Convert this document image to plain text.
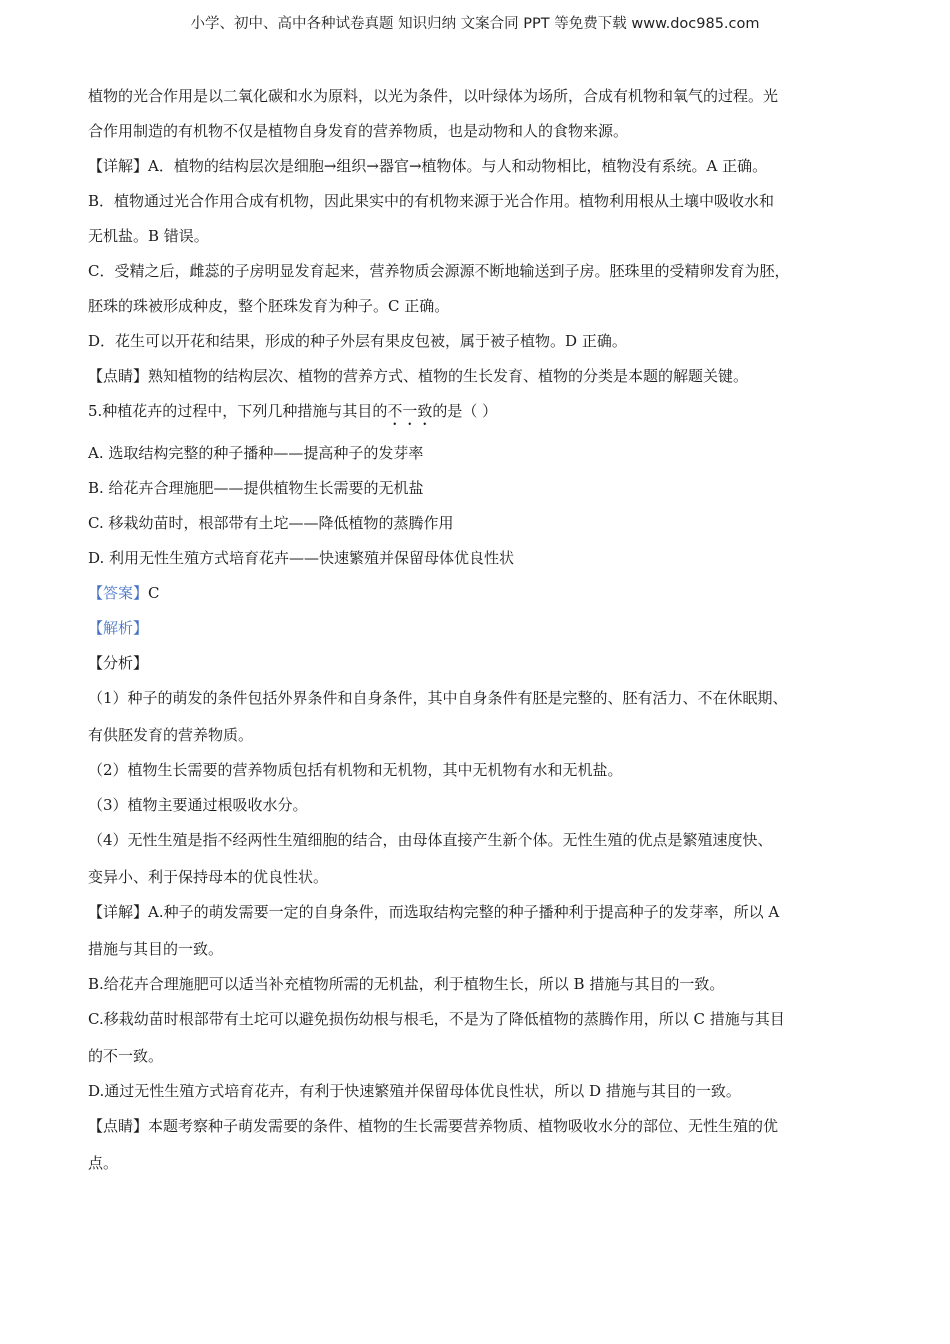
小学、初中、高中各种试卷真题 知识归纳 文案合同 PPT 等免费下载 www.doc985.com

植物的光合作用是以二氧化碳和水为原料，以光为条件，以叶绿体为场所，合成有机物和氧气的过程。光

合作用制造的有机物不仅是植物自身发育的营养物质，也是动物和人的食物来源。

【详解】A．植物的结构层次是细胞→组织→器官→植物体。与人和动物相比，植物没有系统。A 正确。

B．植物通过光合作用合成有机物，因此果实中的有机物来源于光合作用。植物利用根从土壤中吸收水和

无机盐。B 错误。

C．受精之后，雌蕊的子房明显发育起来，营养物质会源源不断地输送到子房。胚珠里的受精卵发育为胚，

胚珠的珠被形成种皮，整个胚珠发育为种子。C 正确。

D．花生可以开花和结果，形成的种子外层有果皮包被，属于被子植物。D 正确。

【点睛】熟知植物的结构层次、植物的营养方式、植物的生长发育、植物的分类是本题的解题关键。

5.种植花卉的过程中，下列几种措施与其目的不一致的是（ ）

A. 选取结构完整的种子播种——提高种子的发芽率

B. 给花卉合理施肥——提供植物生长需要的无机盐

C. 移栽幼苗时，根部带有土坨——降低植物的蒸腾作用

D. 利用无性生殖方式培育花卉——快速繁殖并保留母体优良性状

【答案】C

【解析】

【分析】

（1）种子的萌发的条件包括外界条件和自身条件，其中自身条件有胚是完整的、胚有活力、不在休眠期、

有供胚发育的营养物质。

（2）植物生长需要的营养物质包括有机物和无机物，其中无机物有水和无机盐。

（3）植物主要通过根吸收水分。

（4）无性生殖是指不经两性生殖细胞的结合，由母体直接产生新个体。无性生殖的优点是繁殖速度快、

变异小、利于保持母本的优良性状。

【详解】A.种子的萌发需要一定的自身条件，而选取结构完整的种子播种利于提高种子的发芽率，所以 A

措施与其目的一致。

B.给花卉合理施肥可以适当补充植物所需的无机盐，利于植物生长，所以 B 措施与其目的一致。

C.移栽幼苗时根部带有土坨可以避免损伤幼根与根毛，不是为了降低植物的蒸腾作用，所以 C 措施与其目

的不一致。

D.通过无性生殖方式培育花卉，有利于快速繁殖并保留母体优良性状，所以 D 措施与其目的一致。

【点睛】本题考察种子萌发需要的条件、植物的生长需要营养物质、植物吸收水分的部位、无性生殖的优

点。
